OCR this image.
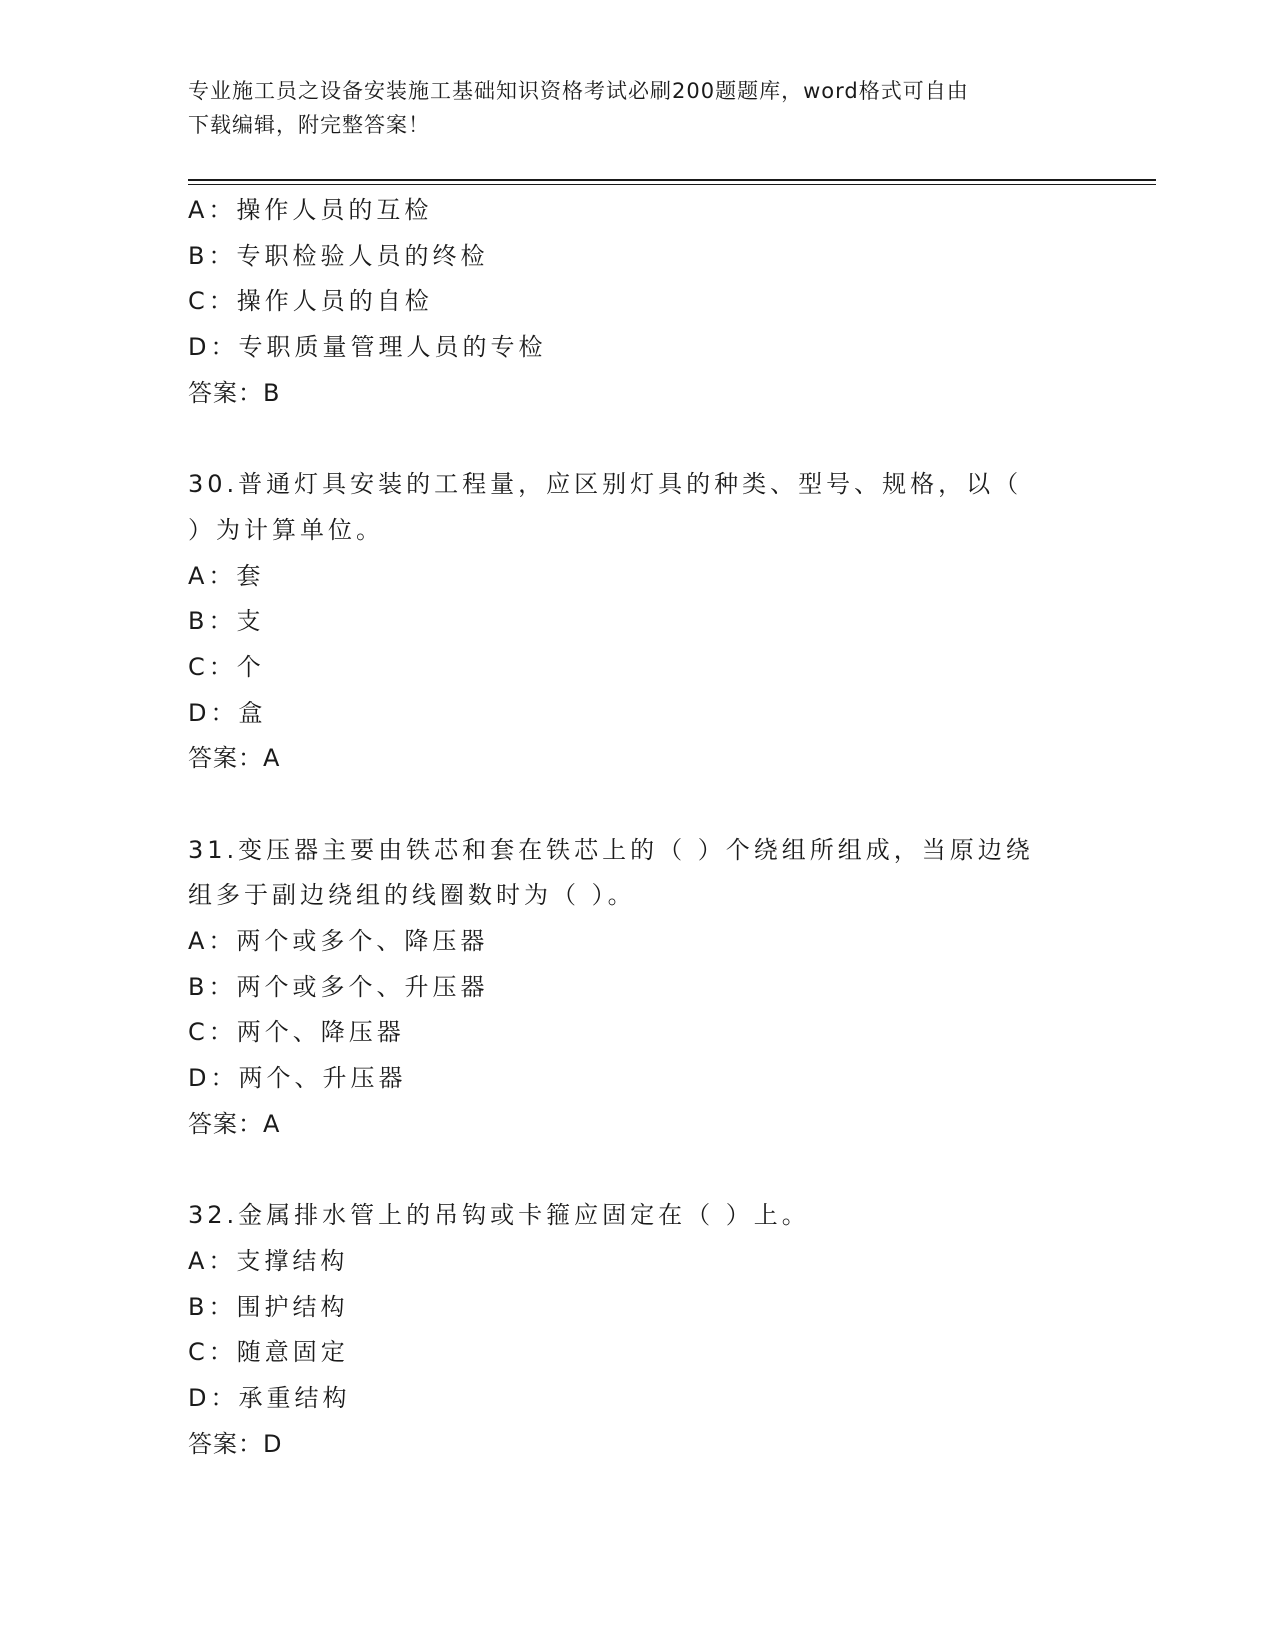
专业施工员之设备安装施工基础知识资格考试必刷200题题库，word格式可自由
下载编辑，附完整答案！
A：操作人员的互检
B：专职检验人员的终检
C：操作人员的自检
D：专职质量管理人员的专检
答案：B
30.普通灯具安装的工程量，应区别灯具的种类、型号、规格，以（
）为计算单位。
A：套
B：支
C：个
D：盒
答案：A
31.变压器主要由铁芯和套在铁芯上的（ ）个绕组所组成，当原边绕
组多于副边绕组的线圈数时为（ ）。
A：两个或多个、降压器
B：两个或多个、升压器
C：两个、降压器
D：两个、升压器
答案：A
32.金属排水管上的吊钩或卡箍应固定在（ ）上。
A：支撑结构
B：围护结构
C：随意固定
D：承重结构
答案：D
